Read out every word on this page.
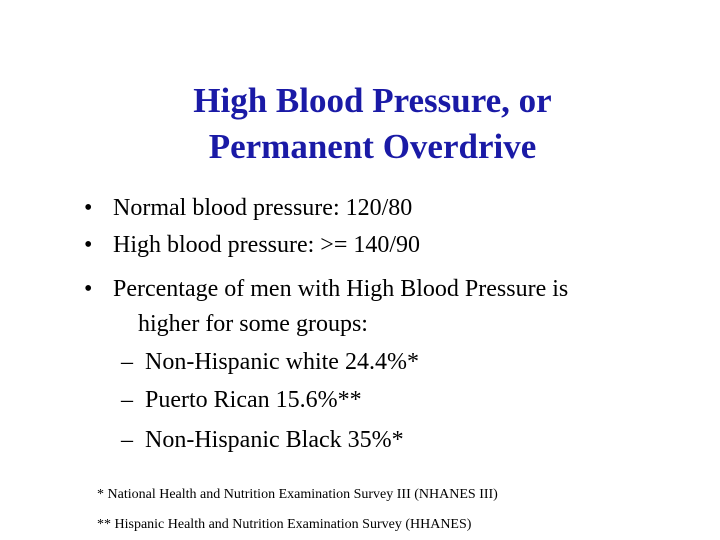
High Blood Pressure, or
Permanent Overdrive
• Normal blood pressure: 120/80
• High blood pressure: >= 140/90
• Percentage of men with High Blood Pressure is
higher for some groups:
– Non-Hispanic white 24.4%*
– Puerto Rican 15.6%**
– Non-Hispanic Black 35%*
* National Health and Nutrition Examination Survey III (NHANES III)
** Hispanic Health and Nutrition Examination Survey (HHANES)
